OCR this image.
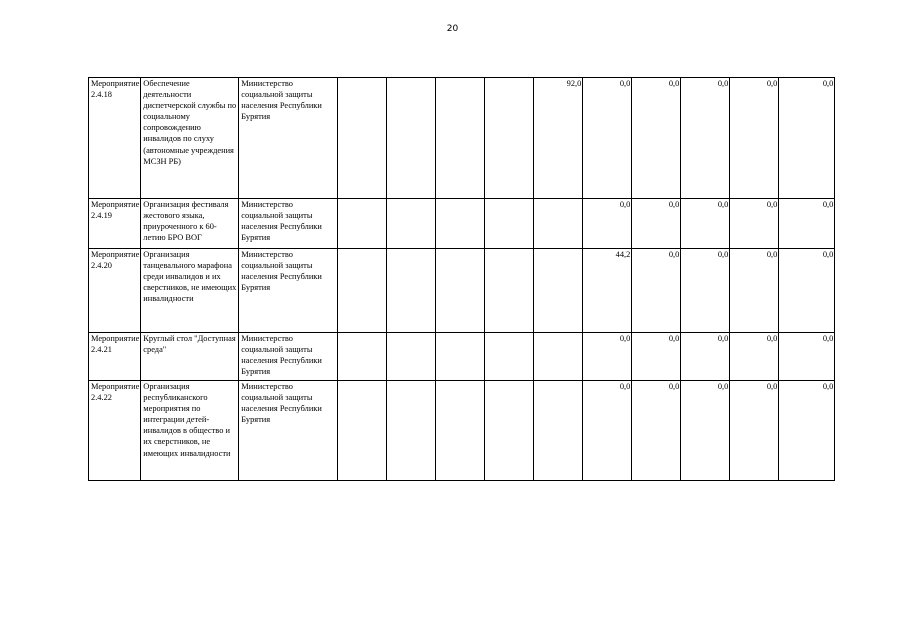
20
Мероприятие 2.4.18	Обеспечение деятельности диспетчерской службы по социальному сопровождению инвалидов по слуху (автономные учреждения МСЗН РБ)	Министерство социальной защиты населения Республики Бурятия					92,0	0,0	0,0	0,0	0,0	0,0
Мероприятие 2.4.19	Организация фестиваля жестового языка, приуроченного к 60-летию БРО ВОГ	Министерство социальной защиты населения Республики Бурятия						0,0	0,0	0,0	0,0	0,0
Мероприятие 2.4.20	Организация танцевального марафона среди инвалидов и их сверстников, не имеющих инвалидности	Министерство социальной защиты населения Республики Бурятия						44,2	0,0	0,0	0,0	0,0
Мероприятие 2.4.21	Круглый стол "Доступная среда"	Министерство социальной защиты населения Республики Бурятия						0,0	0,0	0,0	0,0	0,0
Мероприятие 2.4.22	Организация республиканского мероприятия по интеграции детей-инвалидов в общество и их сверстников, не имеющих инвалидности	Министерство социальной защиты населения Республики Бурятия						0,0	0,0	0,0	0,0	0,0
